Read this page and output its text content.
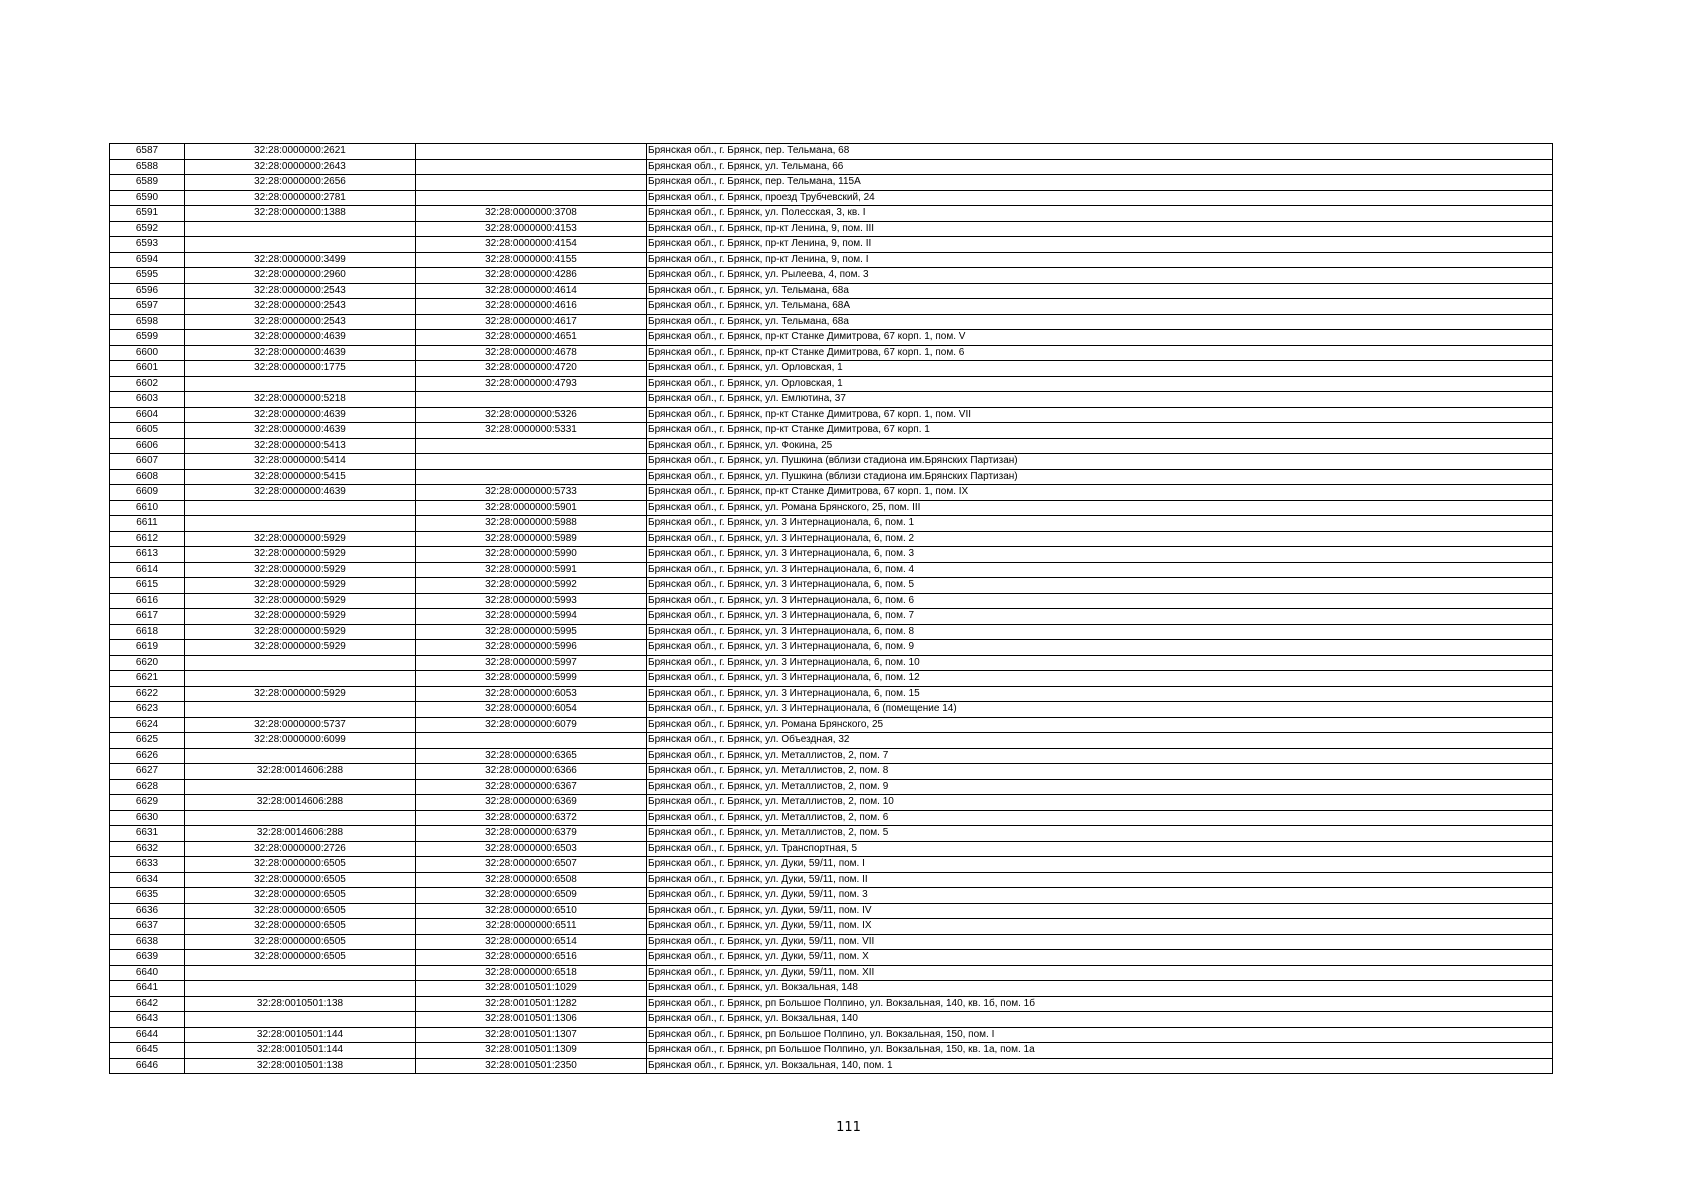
6587	32:28:0000000:2621		Брянская обл., г. Брянск, пер. Тельмана, 68
6588	32:28:0000000:2643		Брянская обл., г. Брянск, ул. Тельмана, 66
6589	32:28:0000000:2656		Брянская обл., г. Брянск, пер. Тельмана, 115А
6590	32:28:0000000:2781		Брянская обл., г. Брянск, проезд Трубчевский, 24
6591	32:28:0000000:1388	32:28:0000000:3708	Брянская обл., г. Брянск, ул. Полесская, 3, кв. I
6592		32:28:0000000:4153	Брянская обл., г. Брянск, пр-кт Ленина, 9, пом. III
6593		32:28:0000000:4154	Брянская обл., г. Брянск, пр-кт Ленина, 9, пом. II
6594	32:28:0000000:3499	32:28:0000000:4155	Брянская обл., г. Брянск, пр-кт Ленина, 9, пом. I
6595	32:28:0000000:2960	32:28:0000000:4286	Брянская обл., г. Брянск, ул. Рылеева, 4, пом. 3
6596	32:28:0000000:2543	32:28:0000000:4614	Брянская обл., г. Брянск, ул. Тельмана, 68а
6597	32:28:0000000:2543	32:28:0000000:4616	Брянская обл., г. Брянск, ул. Тельмана, 68А
6598	32:28:0000000:2543	32:28:0000000:4617	Брянская обл., г. Брянск, ул. Тельмана, 68а
6599	32:28:0000000:4639	32:28:0000000:4651	Брянская обл., г. Брянск, пр-кт Станке Димитрова, 67 корп. 1, пом. V
6600	32:28:0000000:4639	32:28:0000000:4678	Брянская обл., г. Брянск, пр-кт Станке Димитрова, 67 корп. 1, пом. 6
6601	32:28:0000000:1775	32:28:0000000:4720	Брянская обл., г. Брянск, ул. Орловская, 1
6602		32:28:0000000:4793	Брянская обл., г. Брянск, ул. Орловская, 1
6603	32:28:0000000:5218		Брянская обл., г. Брянск, ул. Емлютина, 37
6604	32:28:0000000:4639	32:28:0000000:5326	Брянская обл., г. Брянск, пр-кт Станке Димитрова, 67 корп. 1, пом. VII
6605	32:28:0000000:4639	32:28:0000000:5331	Брянская обл., г. Брянск, пр-кт Станке Димитрова, 67 корп. 1
6606	32:28:0000000:5413		Брянская обл., г. Брянск, ул. Фокина, 25
6607	32:28:0000000:5414		Брянская обл., г. Брянск, ул. Пушкина (вблизи стадиона им.Брянских Партизан)
6608	32:28:0000000:5415		Брянская обл., г. Брянск, ул. Пушкина (вблизи стадиона им.Брянских Партизан)
6609	32:28:0000000:4639	32:28:0000000:5733	Брянская обл., г. Брянск, пр-кт Станке Димитрова, 67 корп. 1, пом. IX
6610		32:28:0000000:5901	Брянская обл., г. Брянск, ул. Романа Брянского, 25, пом. III
6611		32:28:0000000:5988	Брянская обл., г. Брянск, ул. 3 Интернационала, 6, пом. 1
6612	32:28:0000000:5929	32:28:0000000:5989	Брянская обл., г. Брянск, ул. 3 Интернационала, 6, пом. 2
6613	32:28:0000000:5929	32:28:0000000:5990	Брянская обл., г. Брянск, ул. 3 Интернационала, 6, пом. 3
6614	32:28:0000000:5929	32:28:0000000:5991	Брянская обл., г. Брянск, ул. 3 Интернационала, 6, пом. 4
6615	32:28:0000000:5929	32:28:0000000:5992	Брянская обл., г. Брянск, ул. 3 Интернационала, 6, пом. 5
6616	32:28:0000000:5929	32:28:0000000:5993	Брянская обл., г. Брянск, ул. 3 Интернационала, 6, пом. 6
6617	32:28:0000000:5929	32:28:0000000:5994	Брянская обл., г. Брянск, ул. 3 Интернационала, 6, пом. 7
6618	32:28:0000000:5929	32:28:0000000:5995	Брянская обл., г. Брянск, ул. 3 Интернационала, 6, пом. 8
6619	32:28:0000000:5929	32:28:0000000:5996	Брянская обл., г. Брянск, ул. 3 Интернационала, 6, пом. 9
6620		32:28:0000000:5997	Брянская обл., г. Брянск, ул. 3 Интернационала, 6, пом. 10
6621		32:28:0000000:5999	Брянская обл., г. Брянск, ул. 3 Интернационала, 6, пом. 12
6622	32:28:0000000:5929	32:28:0000000:6053	Брянская обл., г. Брянск, ул. 3 Интернационала, 6, пом. 15
6623		32:28:0000000:6054	Брянская обл., г. Брянск, ул. 3 Интернационала, 6 (помещение 14)
6624	32:28:0000000:5737	32:28:0000000:6079	Брянская обл., г. Брянск, ул. Романа Брянского, 25
6625	32:28:0000000:6099		Брянская обл., г. Брянск, ул. Объездная, 32
6626		32:28:0000000:6365	Брянская обл., г. Брянск, ул. Металлистов, 2, пом. 7
6627	32:28:0014606:288	32:28:0000000:6366	Брянская обл., г. Брянск, ул. Металлистов, 2, пом. 8
6628		32:28:0000000:6367	Брянская обл., г. Брянск, ул. Металлистов, 2, пом. 9
6629	32:28:0014606:288	32:28:0000000:6369	Брянская обл., г. Брянск, ул. Металлистов, 2, пом. 10
6630		32:28:0000000:6372	Брянская обл., г. Брянск, ул. Металлистов, 2, пом. 6
6631	32:28:0014606:288	32:28:0000000:6379	Брянская обл., г. Брянск, ул. Металлистов, 2, пом. 5
6632	32:28:0000000:2726	32:28:0000000:6503	Брянская обл., г. Брянск, ул. Транспортная, 5
6633	32:28:0000000:6505	32:28:0000000:6507	Брянская обл., г. Брянск, ул. Дуки, 59/11, пом. I
6634	32:28:0000000:6505	32:28:0000000:6508	Брянская обл., г. Брянск, ул. Дуки, 59/11, пом. II
6635	32:28:0000000:6505	32:28:0000000:6509	Брянская обл., г. Брянск, ул. Дуки, 59/11, пом. 3
6636	32:28:0000000:6505	32:28:0000000:6510	Брянская обл., г. Брянск, ул. Дуки, 59/11, пом. IV
6637	32:28:0000000:6505	32:28:0000000:6511	Брянская обл., г. Брянск, ул. Дуки, 59/11, пом. IX
6638	32:28:0000000:6505	32:28:0000000:6514	Брянская обл., г. Брянск, ул. Дуки, 59/11, пом. VII
6639	32:28:0000000:6505	32:28:0000000:6516	Брянская обл., г. Брянск, ул. Дуки, 59/11, пом. X
6640		32:28:0000000:6518	Брянская обл., г. Брянск, ул. Дуки, 59/11, пом. XII
6641		32:28:0010501:1029	Брянская обл., г. Брянск, ул. Вокзальная, 148
6642	32:28:0010501:138	32:28:0010501:1282	Брянская обл., г. Брянск, рп Большое Полпино, ул. Вокзальная, 140, кв. 1б, пом. 1б
6643		32:28:0010501:1306	Брянская обл., г. Брянск, ул. Вокзальная, 140
6644	32:28:0010501:144	32:28:0010501:1307	Брянская обл., г. Брянск, рп Большое Полпино, ул. Вокзальная, 150, пом. I
6645	32:28:0010501:144	32:28:0010501:1309	Брянская обл., г. Брянск, рп Большое Полпино, ул. Вокзальная, 150, кв. 1а, пом. 1а
6646	32:28:0010501:138	32:28:0010501:2350	Брянская обл., г. Брянск, ул. Вокзальная, 140, пом. 1
111
